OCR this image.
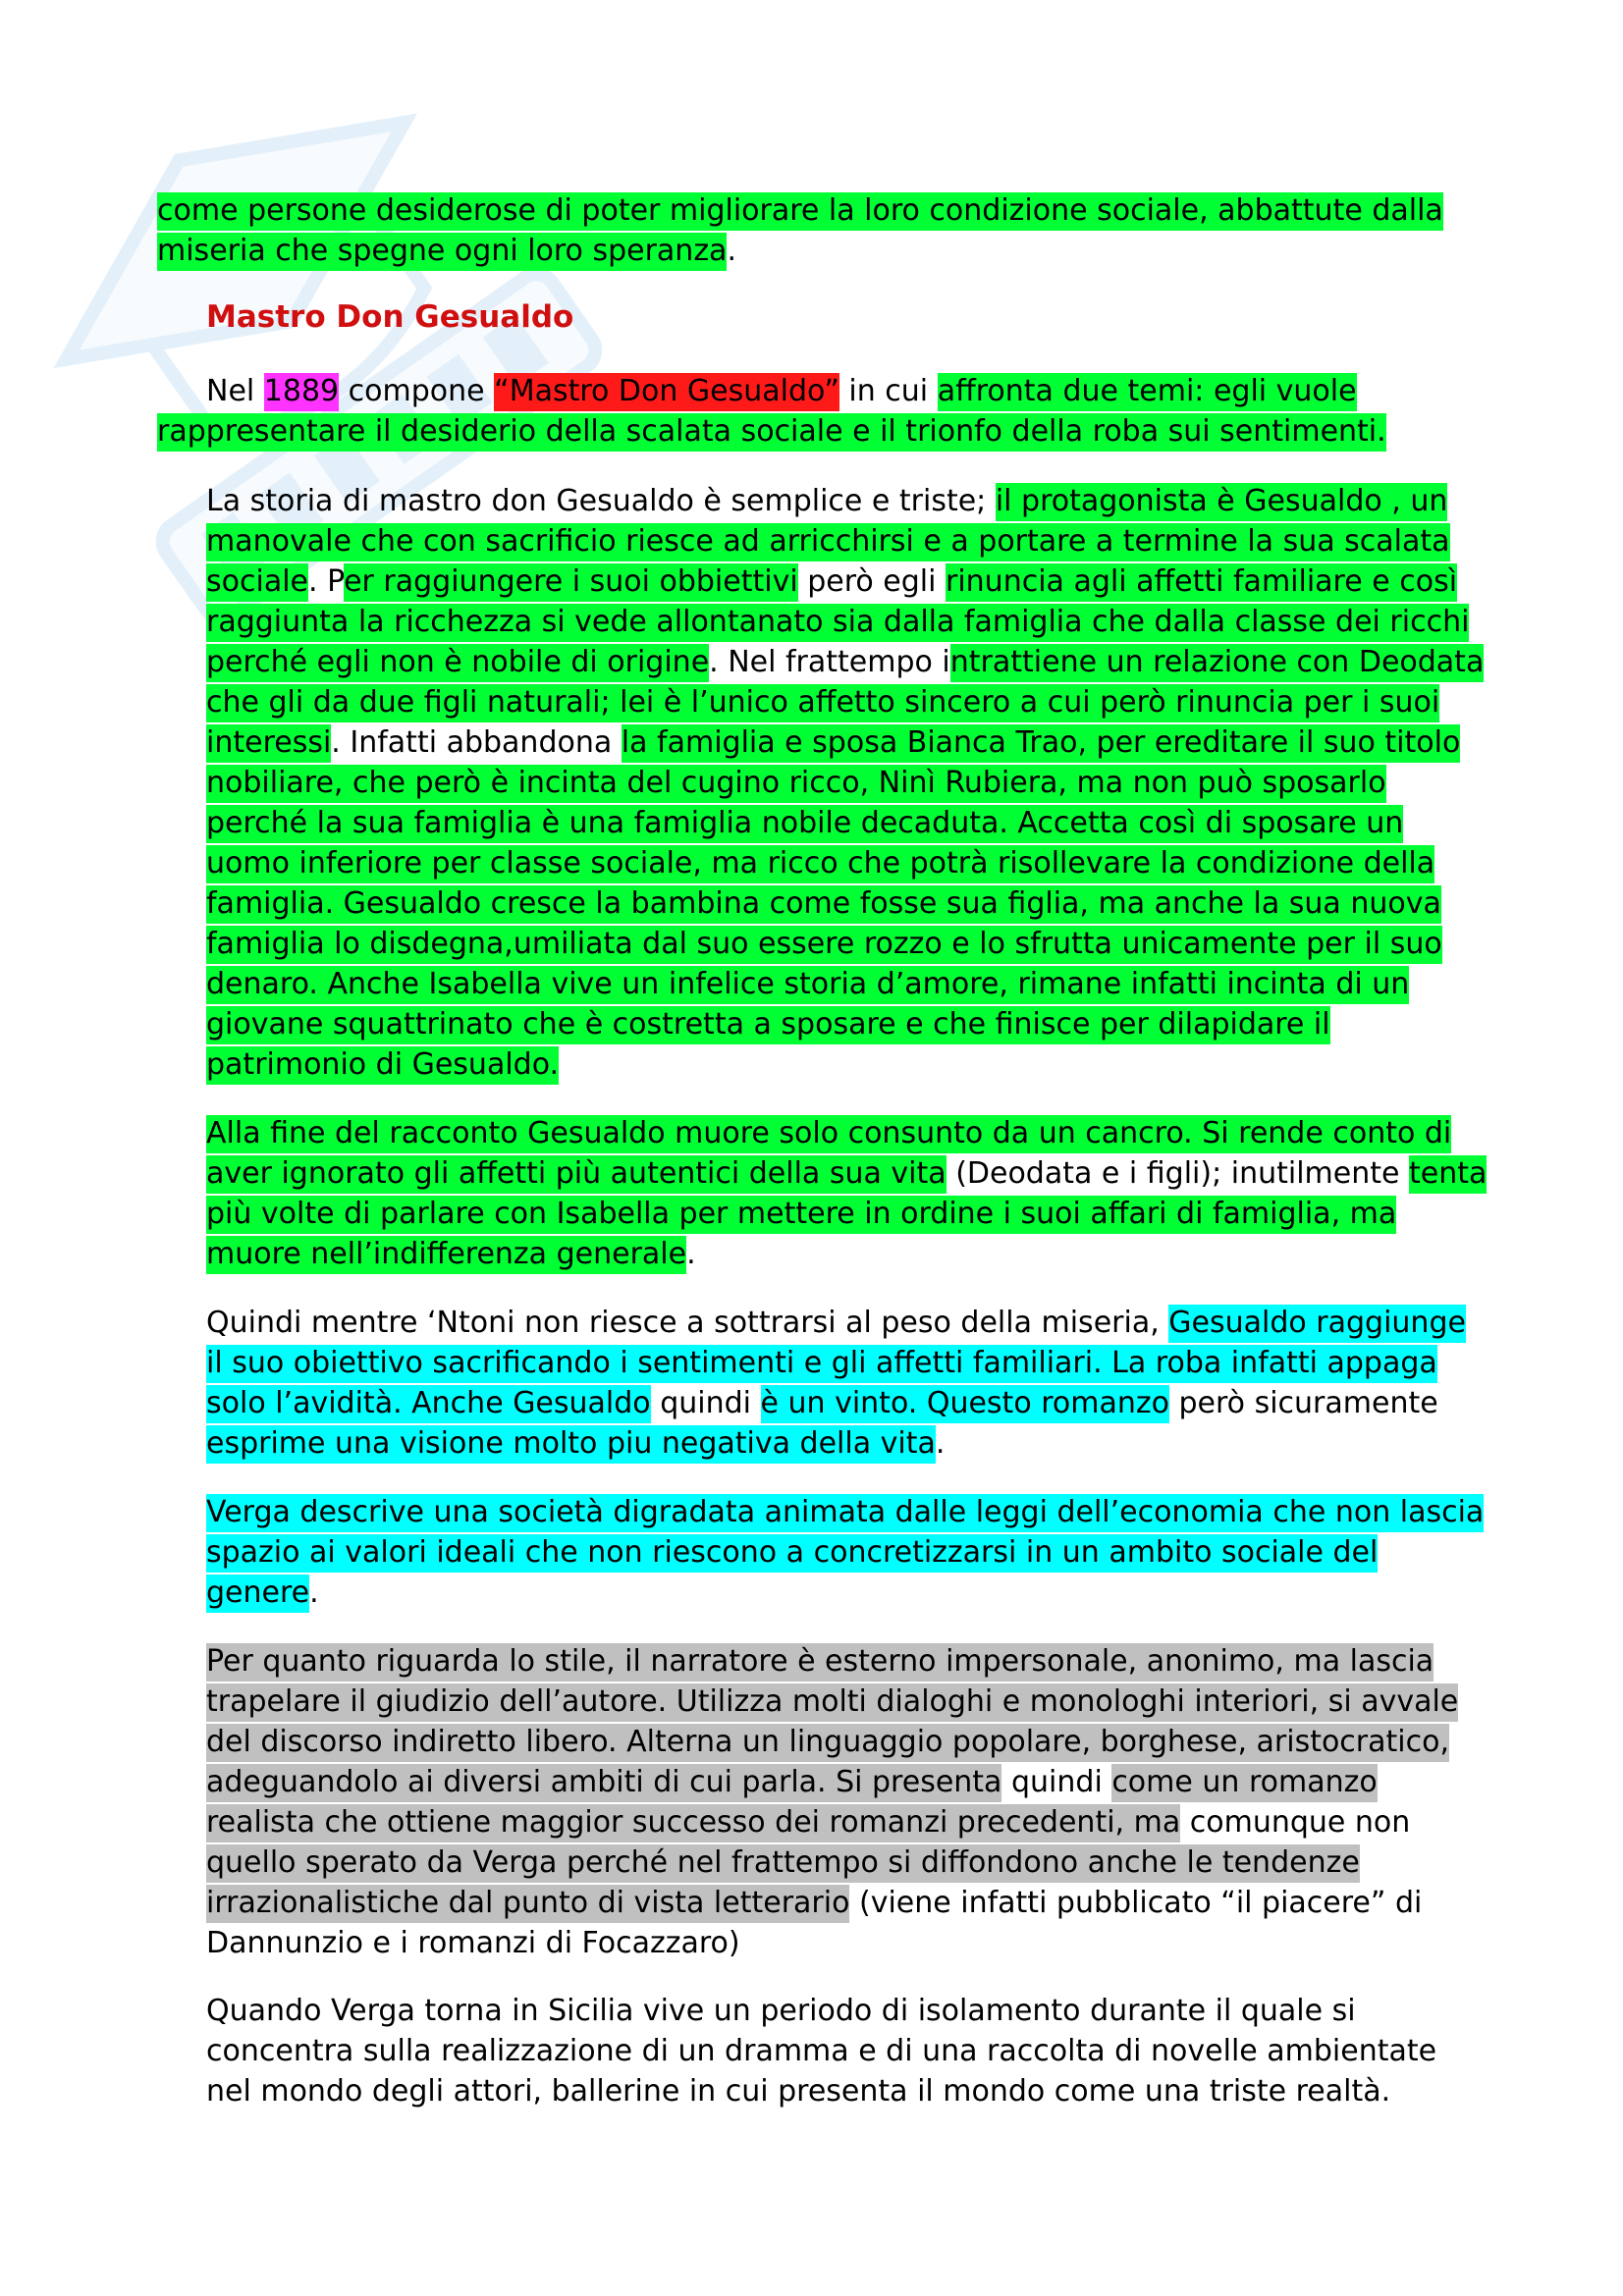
come persone desiderose di poter migliorare la loro condizione sociale, abbattute dalla miseria che spegne ogni loro speranza.

Mastro Don Gesualdo

Nel 1889 compone “Mastro Don Gesualdo” in cui affronta due temi: egli vuole rappresentare il desiderio della scalata sociale e il trionfo della roba sui sentimenti.

La storia di mastro don Gesualdo è semplice e triste; il protagonista è Gesualdo , un manovale che con sacrificio riesce ad arricchirsi e a portare a termine la sua scalata sociale. Per raggiungere i suoi obbiettivi però egli rinuncia agli affetti familiare e così raggiunta la ricchezza si vede allontanato sia dalla famiglia che dalla classe dei ricchi perché egli non è nobile di origine. Nel frattempo intrattiene un relazione con Deodata che gli da due figli naturali; lei è l’unico affetto sincero a cui però rinuncia per i suoi interessi. Infatti abbandona la famiglia e sposa Bianca Trao, per ereditare il suo titolo nobiliare, che però è incinta del cugino ricco, Ninì Rubiera, ma non può sposarlo perché la sua famiglia è una famiglia nobile decaduta. Accetta così di sposare un uomo inferiore per classe sociale, ma ricco che potrà risollevare la condizione della famiglia. Gesualdo cresce la bambina come fosse sua figlia, ma anche la sua nuova famiglia lo disdegna,umiliata dal suo essere rozzo e lo sfrutta unicamente per il suo denaro. Anche Isabella vive un infelice storia d’amore, rimane infatti incinta di un giovane squattrinato che è costretta a sposare e che finisce per dilapidare il patrimonio di Gesualdo.

Alla fine del racconto Gesualdo muore solo consunto da un cancro. Si rende conto di aver ignorato gli affetti più autentici della sua vita (Deodata e i figli); inutilmente tenta più volte di parlare con Isabella per mettere in ordine i suoi affari di famiglia, ma muore nell’indifferenza generale.

Quindi mentre ‘Ntoni non riesce a sottrarsi al peso della miseria, Gesualdo raggiunge il suo obiettivo sacrificando i sentimenti e gli affetti familiari. La roba infatti appaga solo l’avidità. Anche Gesualdo quindi è un vinto. Questo romanzo però sicuramente esprime una visione molto piu negativa della vita.

Verga descrive una società digradata animata dalle leggi dell’economia che non lascia spazio ai valori ideali che non riescono a concretizzarsi in un ambito sociale del genere.

Per quanto riguarda lo stile, il narratore è esterno impersonale, anonimo, ma lascia trapelare il giudizio dell’autore. Utilizza molti dialoghi e monologhi interiori, si avvale del discorso indiretto libero. Alterna un linguaggio popolare, borghese, aristocratico, adeguandolo ai diversi ambiti di cui parla. Si presenta quindi come un romanzo realista che ottiene maggior successo dei romanzi precedenti, ma comunque non quello sperato da Verga perché nel frattempo si diffondono anche le tendenze irrazionalistiche dal punto di vista letterario (viene infatti pubblicato “il piacere” di Dannunzio e i romanzi di Focazzaro)

Quando Verga torna in Sicilia vive un periodo di isolamento durante il quale si concentra sulla realizzazione di un dramma e di una raccolta di novelle ambientate nel mondo degli attori, ballerine in cui presenta il mondo come una triste realtà.
